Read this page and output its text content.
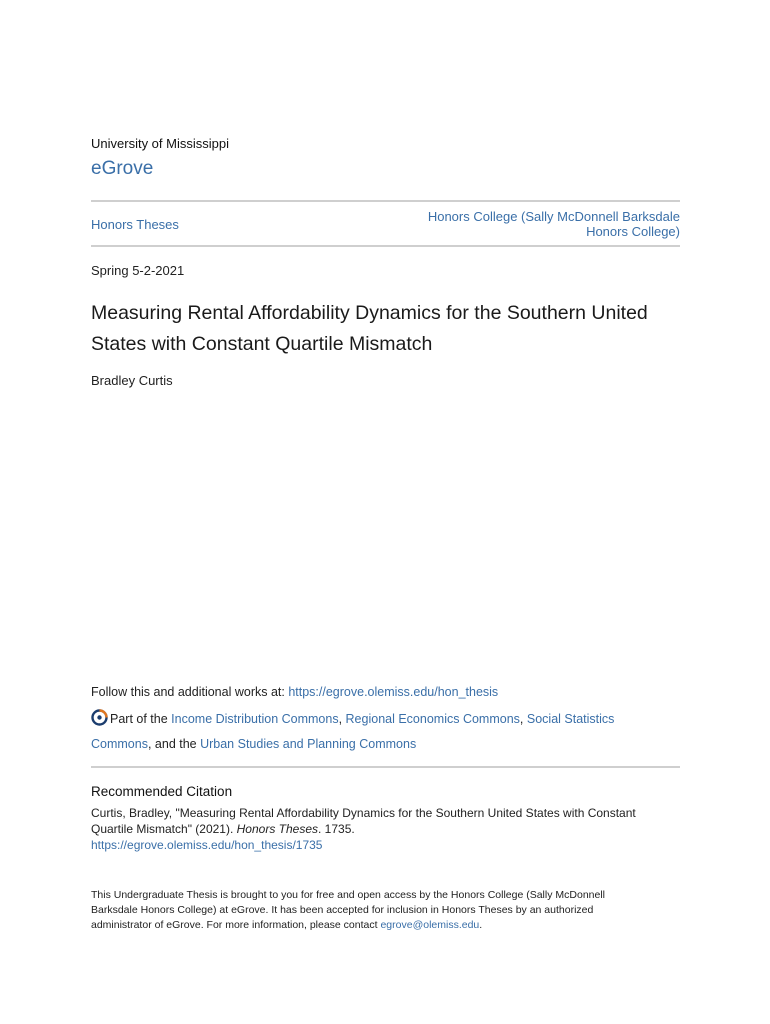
University of Mississippi
eGrove
Honors Theses	Honors College (Sally McDonnell Barksdale
Honors College)
Spring 5-2-2021
Measuring Rental Affordability Dynamics for the Southern United
States with Constant Quartile Mismatch
Bradley Curtis
Follow this and additional works at: https://egrove.olemiss.edu/hon_thesis
Part of the Income Distribution Commons, Regional Economics Commons, Social Statistics
Commons, and the Urban Studies and Planning Commons
Recommended Citation
Curtis, Bradley, "Measuring Rental Affordability Dynamics for the Southern United States with Constant
Quartile Mismatch" (2021). Honors Theses. 1735.
https://egrove.olemiss.edu/hon_thesis/1735
This Undergraduate Thesis is brought to you for free and open access by the Honors College (Sally McDonnell
Barksdale Honors College) at eGrove. It has been accepted for inclusion in Honors Theses by an authorized
administrator of eGrove. For more information, please contact egrove@olemiss.edu.
